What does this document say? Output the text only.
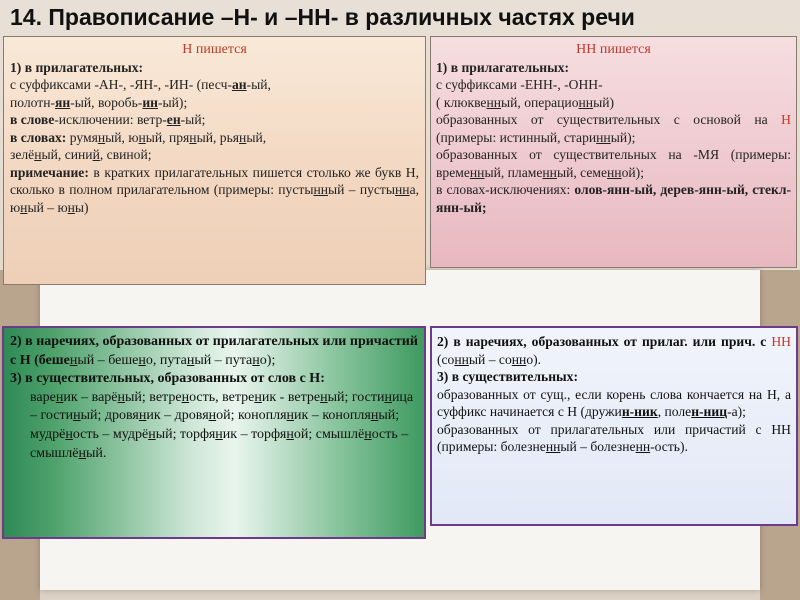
14. Правописание –Н- и –НН- в различных частях речи

Н пишется

1) в прилагательных:

с суффиксами -АН-, -ЯН-, -ИН- (песч-ан-ый,

полотн-ян-ый, воробь-ин-ый);

в слове-исключении: ветр-ен-ый;

в словах: румяный, юный, пряный, рьяный,
зелёный, синий, свиной;

примечание: в кратких прилагательных пишется столько же букв Н, сколько в полном прилагательном (примеры: пустынный – пустынна, юный – юны)

НН пишется

1) в прилагательных:

с суффиксами -ЕНН-, -ОНН-

( клюквенный, операционный)

образованных от существительных с основой на Н (примеры: истинный, старинный);

образованных от существительных на -МЯ (примеры: временный, пламенный, семенной);

в словах-исключениях: олов-янн-ый, дерев-янн-ый, стекл-янн-ый;

2) в наречиях, образованных от прилагательных или причастий с Н (бешеный – бешено, путаный – путано);

3) в существительных, образованных от слов с Н:

вареник – варёный; ветреность, ветреник - ветреный; гостиница – гостиный; дровяник – дровяной; конопляник – конопляный; мудрёность – мудрёный; торфяник – торфяной; смышлёность – смышлёный.

2) в наречиях, образованных от прилаг. или прич. с НН (сонный – сонно).

3) в существительных:

образованных от сущ., если корень слова кончается на Н, а суффикс начинается с Н (дружин-ник, полен-ниц-а);

образованных от прилагательных или причастий с НН (примеры: болезненный – болезненн-ость).
